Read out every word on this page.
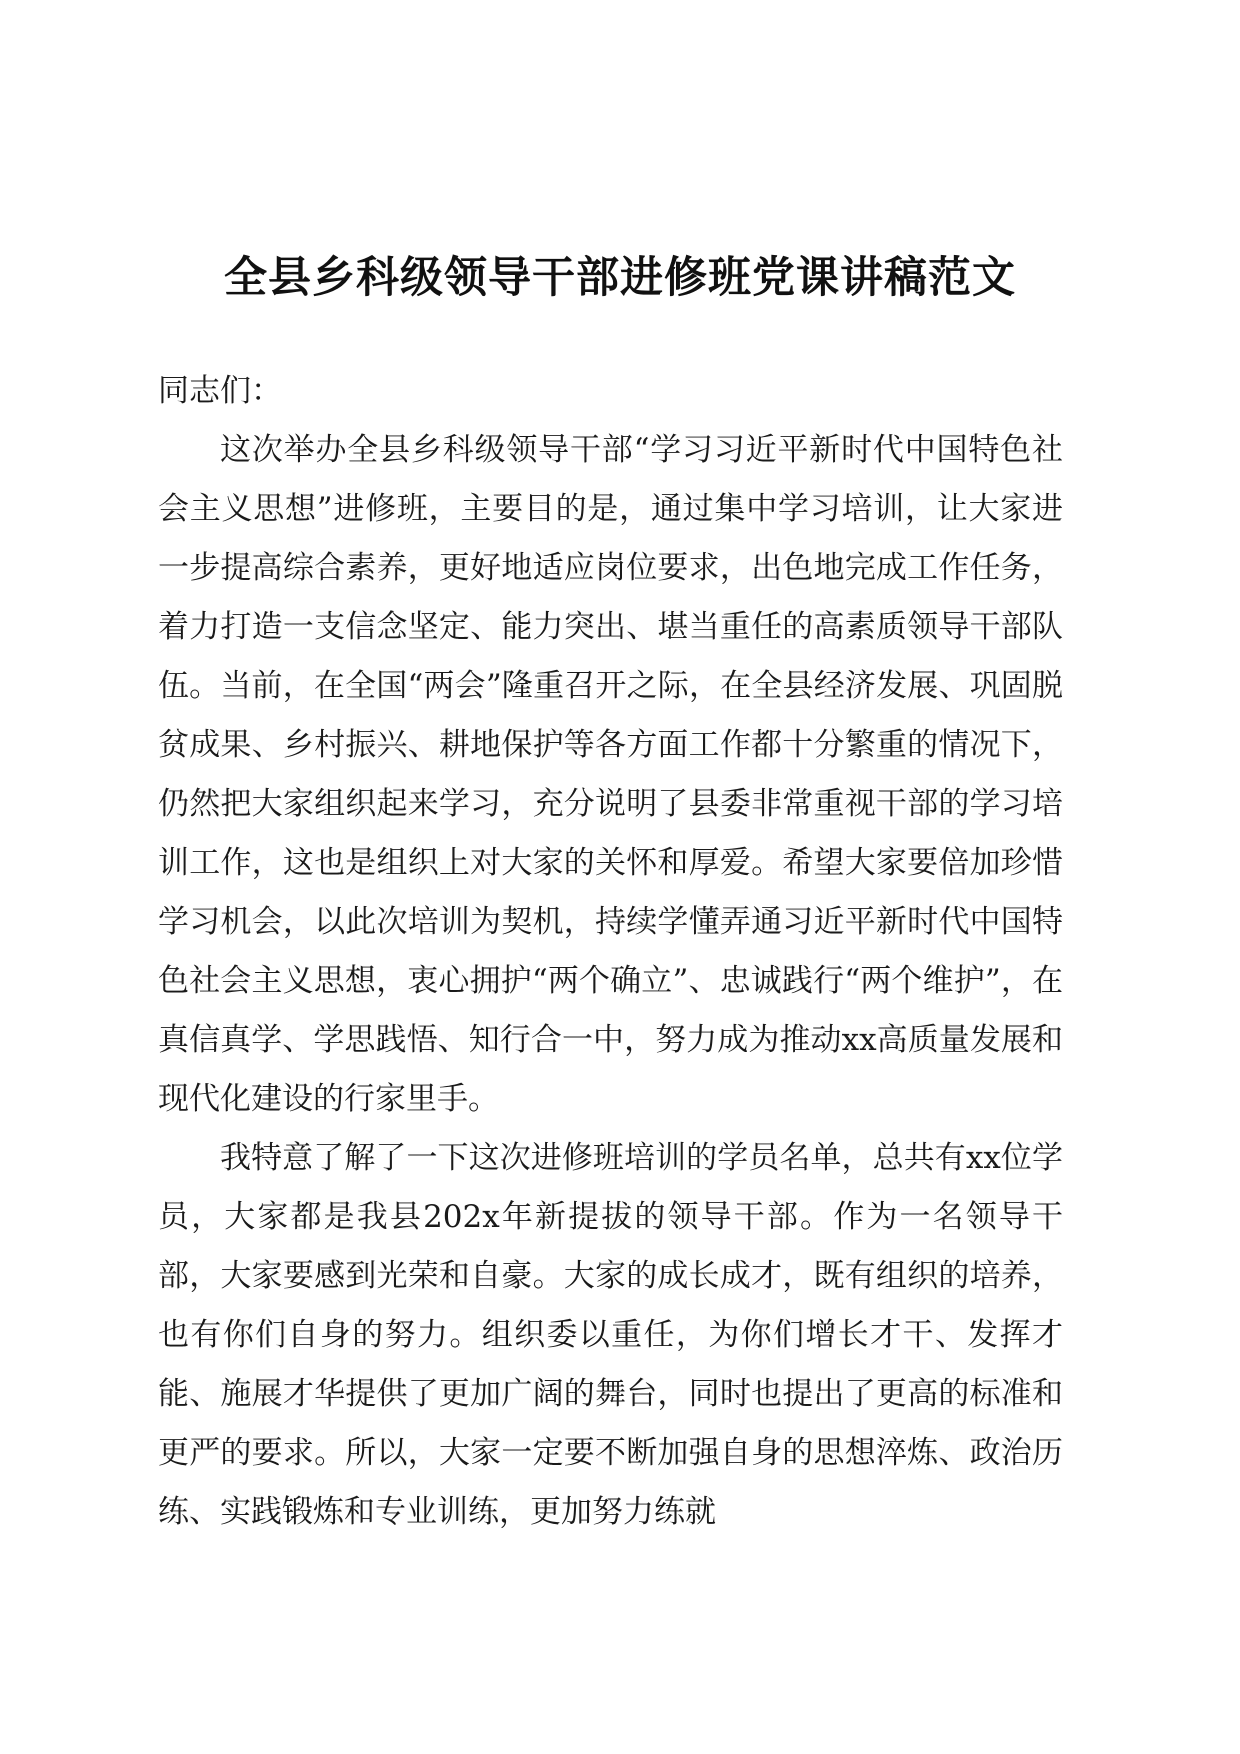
全县乡科级领导干部进修班党课讲稿范文

同志们：

这次举办全县乡科级领导干部“学习习近平新时代中国特色社会主义思想”进修班，主要目的是，通过集中学习培训，让大家进一步提高综合素养，更好地适应岗位要求，出色地完成工作任务，着力打造一支信念坚定、能力突出、堪当重任的高素质领导干部队伍。当前，在全国“两会”隆重召开之际，在全县经济发展、巩固脱贫成果、乡村振兴、耕地保护等各方面工作都十分繁重的情况下，仍然把大家组织起来学习，充分说明了县委非常重视干部的学习培训工作，这也是组织上对大家的关怀和厚爱。希望大家要倍加珍惜学习机会，以此次培训为契机，持续学懂弄通习近平新时代中国特色社会主义思想，衷心拥护“两个确立”、忠诚践行“两个维护”，在真信真学、学思践悟、知行合一中，努力成为推动xx高质量发展和现代化建设的行家里手。

我特意了解了一下这次进修班培训的学员名单，总共有xx位学员，大家都是我县202x年新提拔的领导干部。作为一名领导干部，大家要感到光荣和自豪。大家的成长成才，既有组织的培养，也有你们自身的努力。组织委以重任，为你们增长才干、发挥才能、施展才华提供了更加广阔的舞台，同时也提出了更高的标准和更严的要求。所以，大家一定要不断加强自身的思想淬炼、政治历练、实践锻炼和专业训练，更加努力练就
